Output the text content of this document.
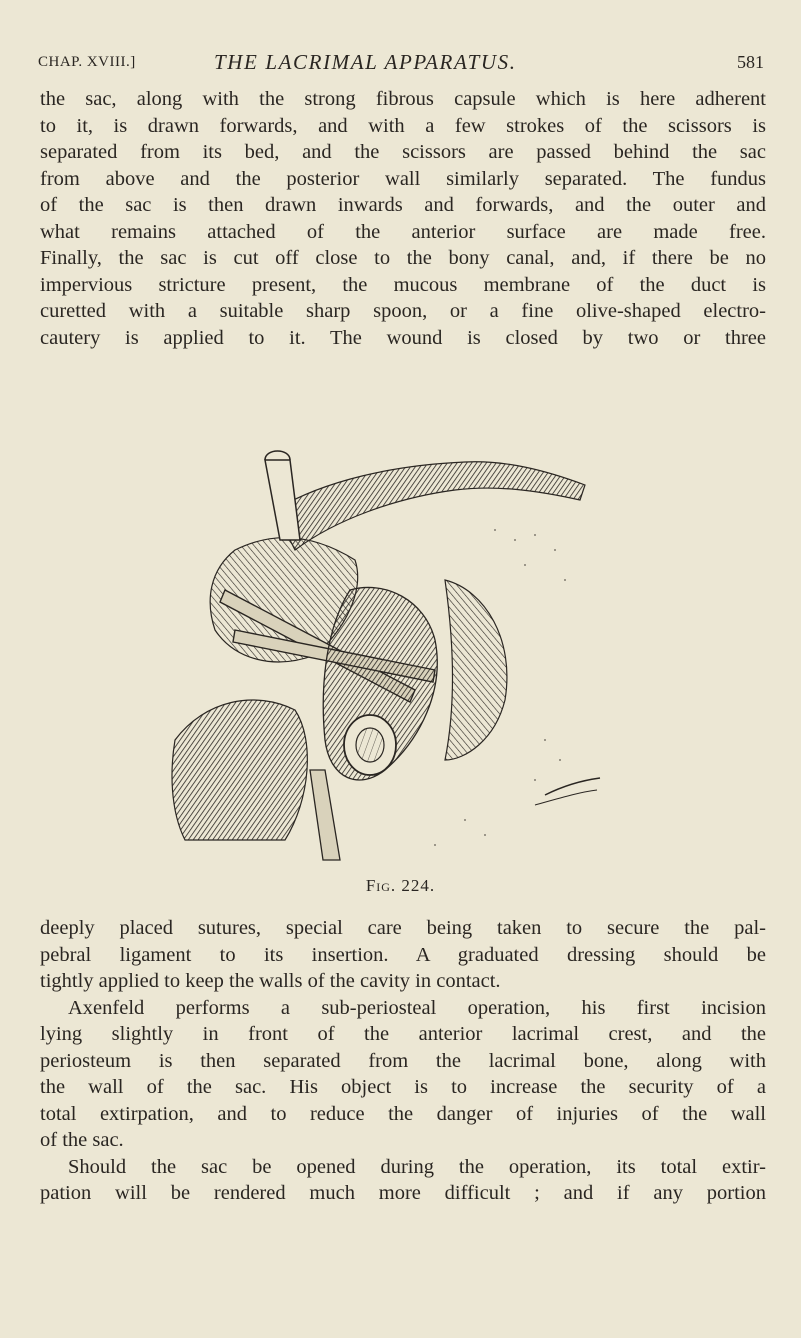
CHAP. XVIII.]	THE LACRIMAL APPARATUS.	581

the sac, along with the strong fibrous capsule which is here adherent
to it, is drawn forwards, and with a few strokes of the scissors is
separated from its bed, and the scissors are passed behind the sac
from above and the posterior wall similarly separated. The fundus
of the sac is then drawn inwards and forwards, and the outer and
what remains attached of the anterior surface are made free.
Finally, the sac is cut off close to the bony canal, and, if there be no
impervious stricture present, the mucous membrane of the duct is
curetted with a suitable sharp spoon, or a fine olive-shaped electro-
cautery is applied to it. The wound is closed by two or three

Fig. 224.

deeply placed sutures, special care being taken to secure the pal-
pebral ligament to its insertion. A graduated dressing should be
tightly applied to keep the walls of the cavity in contact.
Axenfeld performs a sub-periosteal operation, his first incision
lying slightly in front of the anterior lacrimal crest, and the
periosteum is then separated from the lacrimal bone, along with
the wall of the sac. His object is to increase the security of a
total extirpation, and to reduce the danger of injuries of the wall
of the sac.
Should the sac be opened during the operation, its total extir-
pation will be rendered much more difficult ; and if any portion
